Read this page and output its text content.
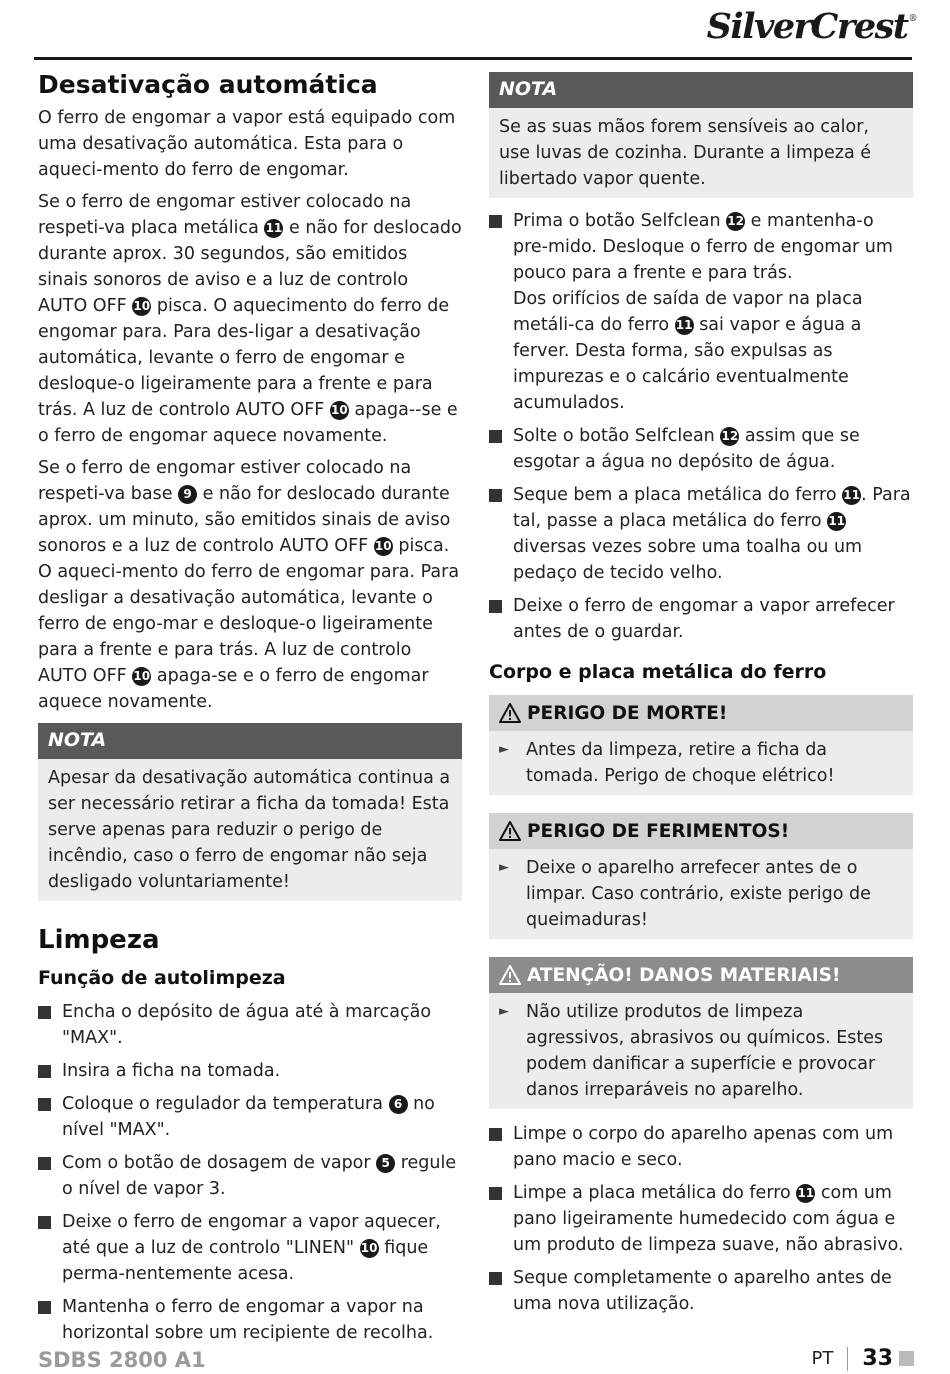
SilverCrest®
Desativação automática

O ferro de engomar a vapor está equipado com uma desativação automática. Esta para o aqueci-mento do ferro de engomar.

Se o ferro de engomar estiver colocado na respeti-va placa metálica 11 e não for deslocado durante aprox. 30 segundos, são emitidos sinais sonoros de aviso e a luz de controlo AUTO OFF 10 pisca. O aquecimento do ferro de engomar para. Para des-ligar a desativação automática, levante o ferro de engomar e desloque-o ligeiramente para a frente e para trás. A luz de controlo AUTO OFF 10 apaga--se e o ferro de engomar aquece novamente.

Se o ferro de engomar estiver colocado na respeti-va base 9 e não for deslocado durante aprox. um minuto, são emitidos sinais de aviso sonoros e a luz de controlo AUTO OFF 10 pisca. O aqueci-mento do ferro de engomar para. Para desligar a desativação automática, levante o ferro de engo-mar e desloque-o ligeiramente para a frente e para trás. A luz de controlo AUTO OFF 10 apaga-se e o ferro de engomar aquece novamente.

NOTA

Apesar da desativação automática continua a ser necessário retirar a ficha da tomada! Esta serve apenas para reduzir o perigo de incêndio, caso o ferro de engomar não seja desligado voluntariamente!

Limpeza
Função de autolimpeza
Encha o depósito de água até à marcação "MAX".
Insira a ficha na tomada.
Coloque o regulador da temperatura 6 no nível "MAX".
Com o botão de dosagem de vapor 5 regule o nível de vapor 3.
Deixe o ferro de engomar a vapor aquecer, até que a luz de controlo "LINEN" 10 fique perma-nentemente acesa.
Mantenha o ferro de engomar a vapor na horizontal sobre um recipiente de recolha.
NOTA

Se as suas mãos forem sensíveis ao calor, use luvas de cozinha. Durante a limpeza é libertado vapor quente.

Prima o botão Selfclean 12 e mantenha-o pre-mido. Desloque o ferro de engomar um pouco para a frente e para trás.
Dos orifícios de saída de vapor na placa metáli-ca do ferro 11 sai vapor e água a ferver. Desta forma, são expulsas as impurezas e o calcário eventualmente acumulados.
Solte o botão Selfclean 12 assim que se esgotar a água no depósito de água.
Seque bem a placa metálica do ferro 11. Para tal, passe a placa metálica do ferro 11 diversas vezes sobre uma toalha ou um pedaço de tecido velho.
Deixe o ferro de engomar a vapor arrefecer antes de o guardar.
Corpo e placa metálica do ferro
PERIGO DE MORTE!
► Antes da limpeza, retire a ficha da tomada. Perigo de choque elétrico!
PERIGO DE FERIMENTOS!
► Deixe o aparelho arrefecer antes de o limpar. Caso contrário, existe perigo de queimaduras!
ATENÇÃO! DANOS MATERIAIS!
► Não utilize produtos de limpeza agressivos, abrasivos ou químicos. Estes podem danificar a superfície e provocar danos irreparáveis no aparelho.
Limpe o corpo do aparelho apenas com um pano macio e seco.
Limpe a placa metálica do ferro 11 com um pano ligeiramente humedecido com água e um produto de limpeza suave, não abrasivo.
Seque completamente o aparelho antes de uma nova utilização.
SDBS 2800 A1	PT 33
